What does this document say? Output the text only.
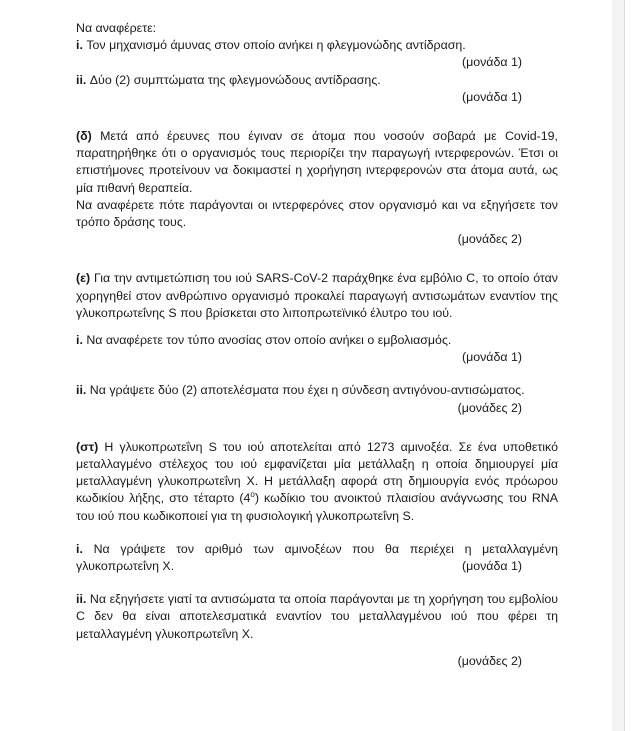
Να αναφέρετε:

i. Τον μηχανισμό άμυνας στον οποίο ανήκει η φλεγμονώδης αντίδραση.

(μονάδα 1)

ii. Δύο (2) συμπτώματα της φλεγμονώδους αντίδρασης.

(μονάδα 1)

(δ) Μετά από έρευνες που έγιναν σε άτομα που νοσούν σοβαρά με Covid-19, παρατηρήθηκε ότι ο οργανισμός τους περιορίζει την παραγωγή ιντερφερονών. Έτσι οι επιστήμονες προτείνουν να δοκιμαστεί η χορήγηση ιντερφερονών στα άτομα αυτά, ως μία πιθανή θεραπεία.

Να αναφέρετε πότε παράγονται οι ιντερφερόνες στον οργανισμό και να εξηγήσετε τον τρόπο δράσης τους.

(μονάδες 2)

(ε) Για την αντιμετώπιση του ιού SARS-CoV-2 παράχθηκε ένα εμβόλιο C, το οποίο όταν χορηγηθεί στον ανθρώπινο οργανισμό προκαλεί παραγωγή αντισωμάτων εναντίον της γλυκοπρωτεΐνης S που βρίσκεται στο λιποπρωτεϊνικό έλυτρο του ιού.

i. Να αναφέρετε τον τύπο ανοσίας στον οποίο ανήκει ο εμβολιασμός.

(μονάδα 1)

ii. Να γράψετε δύο (2) αποτελέσματα που έχει η σύνδεση αντιγόνου-αντισώματος.

(μονάδες 2)

(στ) Η γλυκοπρωτεΐνη S του ιού αποτελείται από 1273 αμινοξέα. Σε ένα υποθετικό μεταλλαγμένο στέλεχος του ιού εμφανίζεται μία μετάλλαξη η οποία δημιουργεί μία μεταλλαγμένη γλυκοπρωτεΐνη Χ. Η μετάλλαξη αφορά στη δημιουργία ενός πρόωρου κωδικίου λήξης, στο τέταρτο $(4^o)$ κωδίκιο του ανοικτού πλαισίου ανάγνωσης του RNA του ιού που κωδικοποιεί για τη φυσιολογική γλυκοπρωτεΐνη S.

i. Να γράψετε τον αριθμό των αμινοξέων που θα περιέχει η μεταλλαγμένη

γλυκοπρωτεΐνη Χ.	(μονάδα 1)

ii. Να εξηγήσετε γιατί τα αντισώματα τα οποία παράγονται με τη χορήγηση του εμβολίου C δεν θα είναι αποτελεσματικά εναντίον του μεταλλαγμένου ιού που φέρει τη μεταλλαγμένη γλυκοπρωτεΐνη Χ.

(μονάδες 2)
